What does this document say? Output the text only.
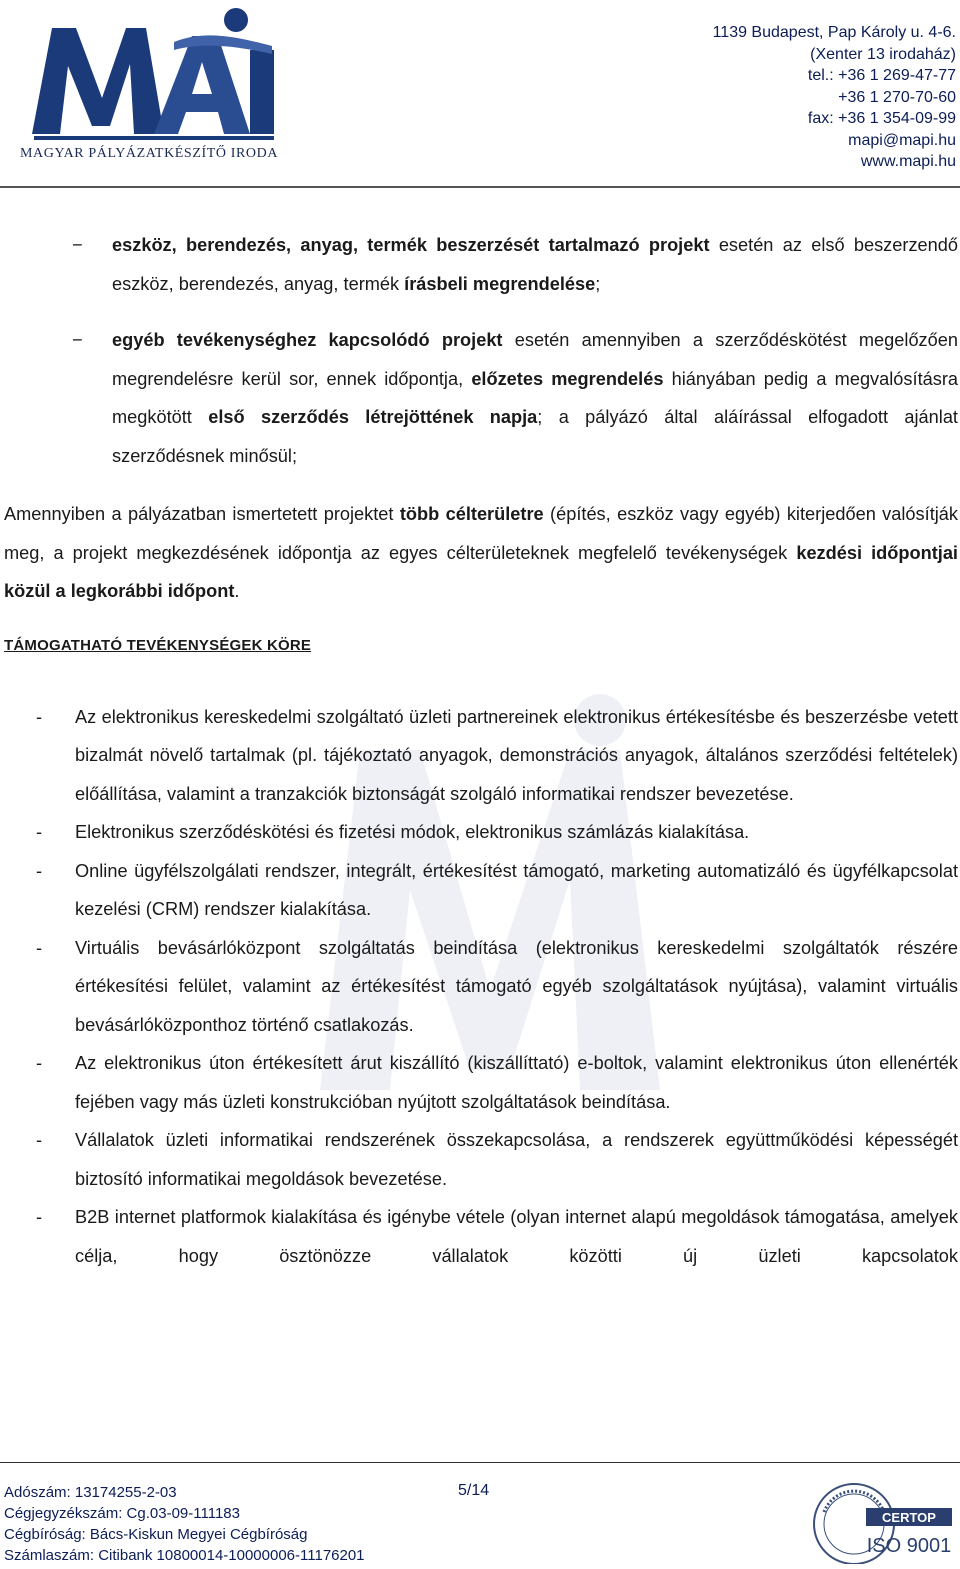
MAGYAR PÁLYÁZATKÉSZÍTŐ IRODA
1139 Budapest, Pap Károly u. 4-6.
(Xenter 13 irodaház)
tel.: +36 1 269-47-77
+36 1 270-70-60
fax: +36 1 354-09-99
mapi@mapi.hu
www.mapi.hu
− eszköz, berendezés, anyag, termék beszerzését tartalmazó projekt esetén az első beszerzendő eszköz, berendezés, anyag, termék írásbeli megrendelése;
− egyéb tevékenységhez kapcsolódó projekt esetén amennyiben a szerződéskötést megelőzően megrendelésre kerül sor, ennek időpontja, előzetes megrendelés hiányában pedig a megvalósításra megkötött első szerződés létrejöttének napja; a pályázó által aláírással elfogadott ajánlat szerződésnek minősül;

Amennyiben a pályázatban ismertetett projektet több célterületre (építés, eszköz vagy egyéb) kiterjedően valósítják meg, a projekt megkezdésének időpontja az egyes célterületeknek megfelelő tevékenységek kezdési időpontjai közül a legkorábbi időpont.

TÁMOGATHATÓ TEVÉKENYSÉGEK KÖRE
- Az elektronikus kereskedelmi szolgáltató üzleti partnereinek elektronikus értékesítésbe és beszerzésbe vetett bizalmát növelő tartalmak (pl. tájékoztató anyagok, demonstrációs anyagok, általános szerződési feltételek) előállítása, valamint a tranzakciók biztonságát szolgáló informatikai rendszer bevezetése.
- Elektronikus szerződéskötési és fizetési módok, elektronikus számlázás kialakítása.
- Online ügyfélszolgálati rendszer, integrált, értékesítést támogató, marketing automatizáló és ügyfélkapcsolat kezelési (CRM) rendszer kialakítása.
- Virtuális bevásárlóközpont szolgáltatás beindítása (elektronikus kereskedelmi szolgáltatók részére értékesítési felület, valamint az értékesítést támogató egyéb szolgáltatások nyújtása), valamint virtuális bevásárlóközponthoz történő csatlakozás.
- Az elektronikus úton értékesített árut kiszállító (kiszállíttató) e-boltok, valamint elektronikus úton ellenérték fejében vagy más üzleti konstrukcióban nyújtott szolgáltatások beindítása.
- Vállalatok üzleti informatikai rendszerének összekapcsolása, a rendszerek együttműködési képességét biztosító informatikai megoldások bevezetése.
- B2B internet platformok kialakítása és igénybe vétele (olyan internet alapú megoldások támogatása, amelyek célja, hogy ösztönözze vállalatok közötti új üzleti kapcsolatok
Adószám: 13174255-2-03
Cégjegyzékszám: Cg.03-09-111183
Cégbíróság: Bács-Kiskun Megyei Cégbíróság
Számlaszám: Citibank 10800014-10000006-11176201
5/14
CERTOP
ISO 9001
